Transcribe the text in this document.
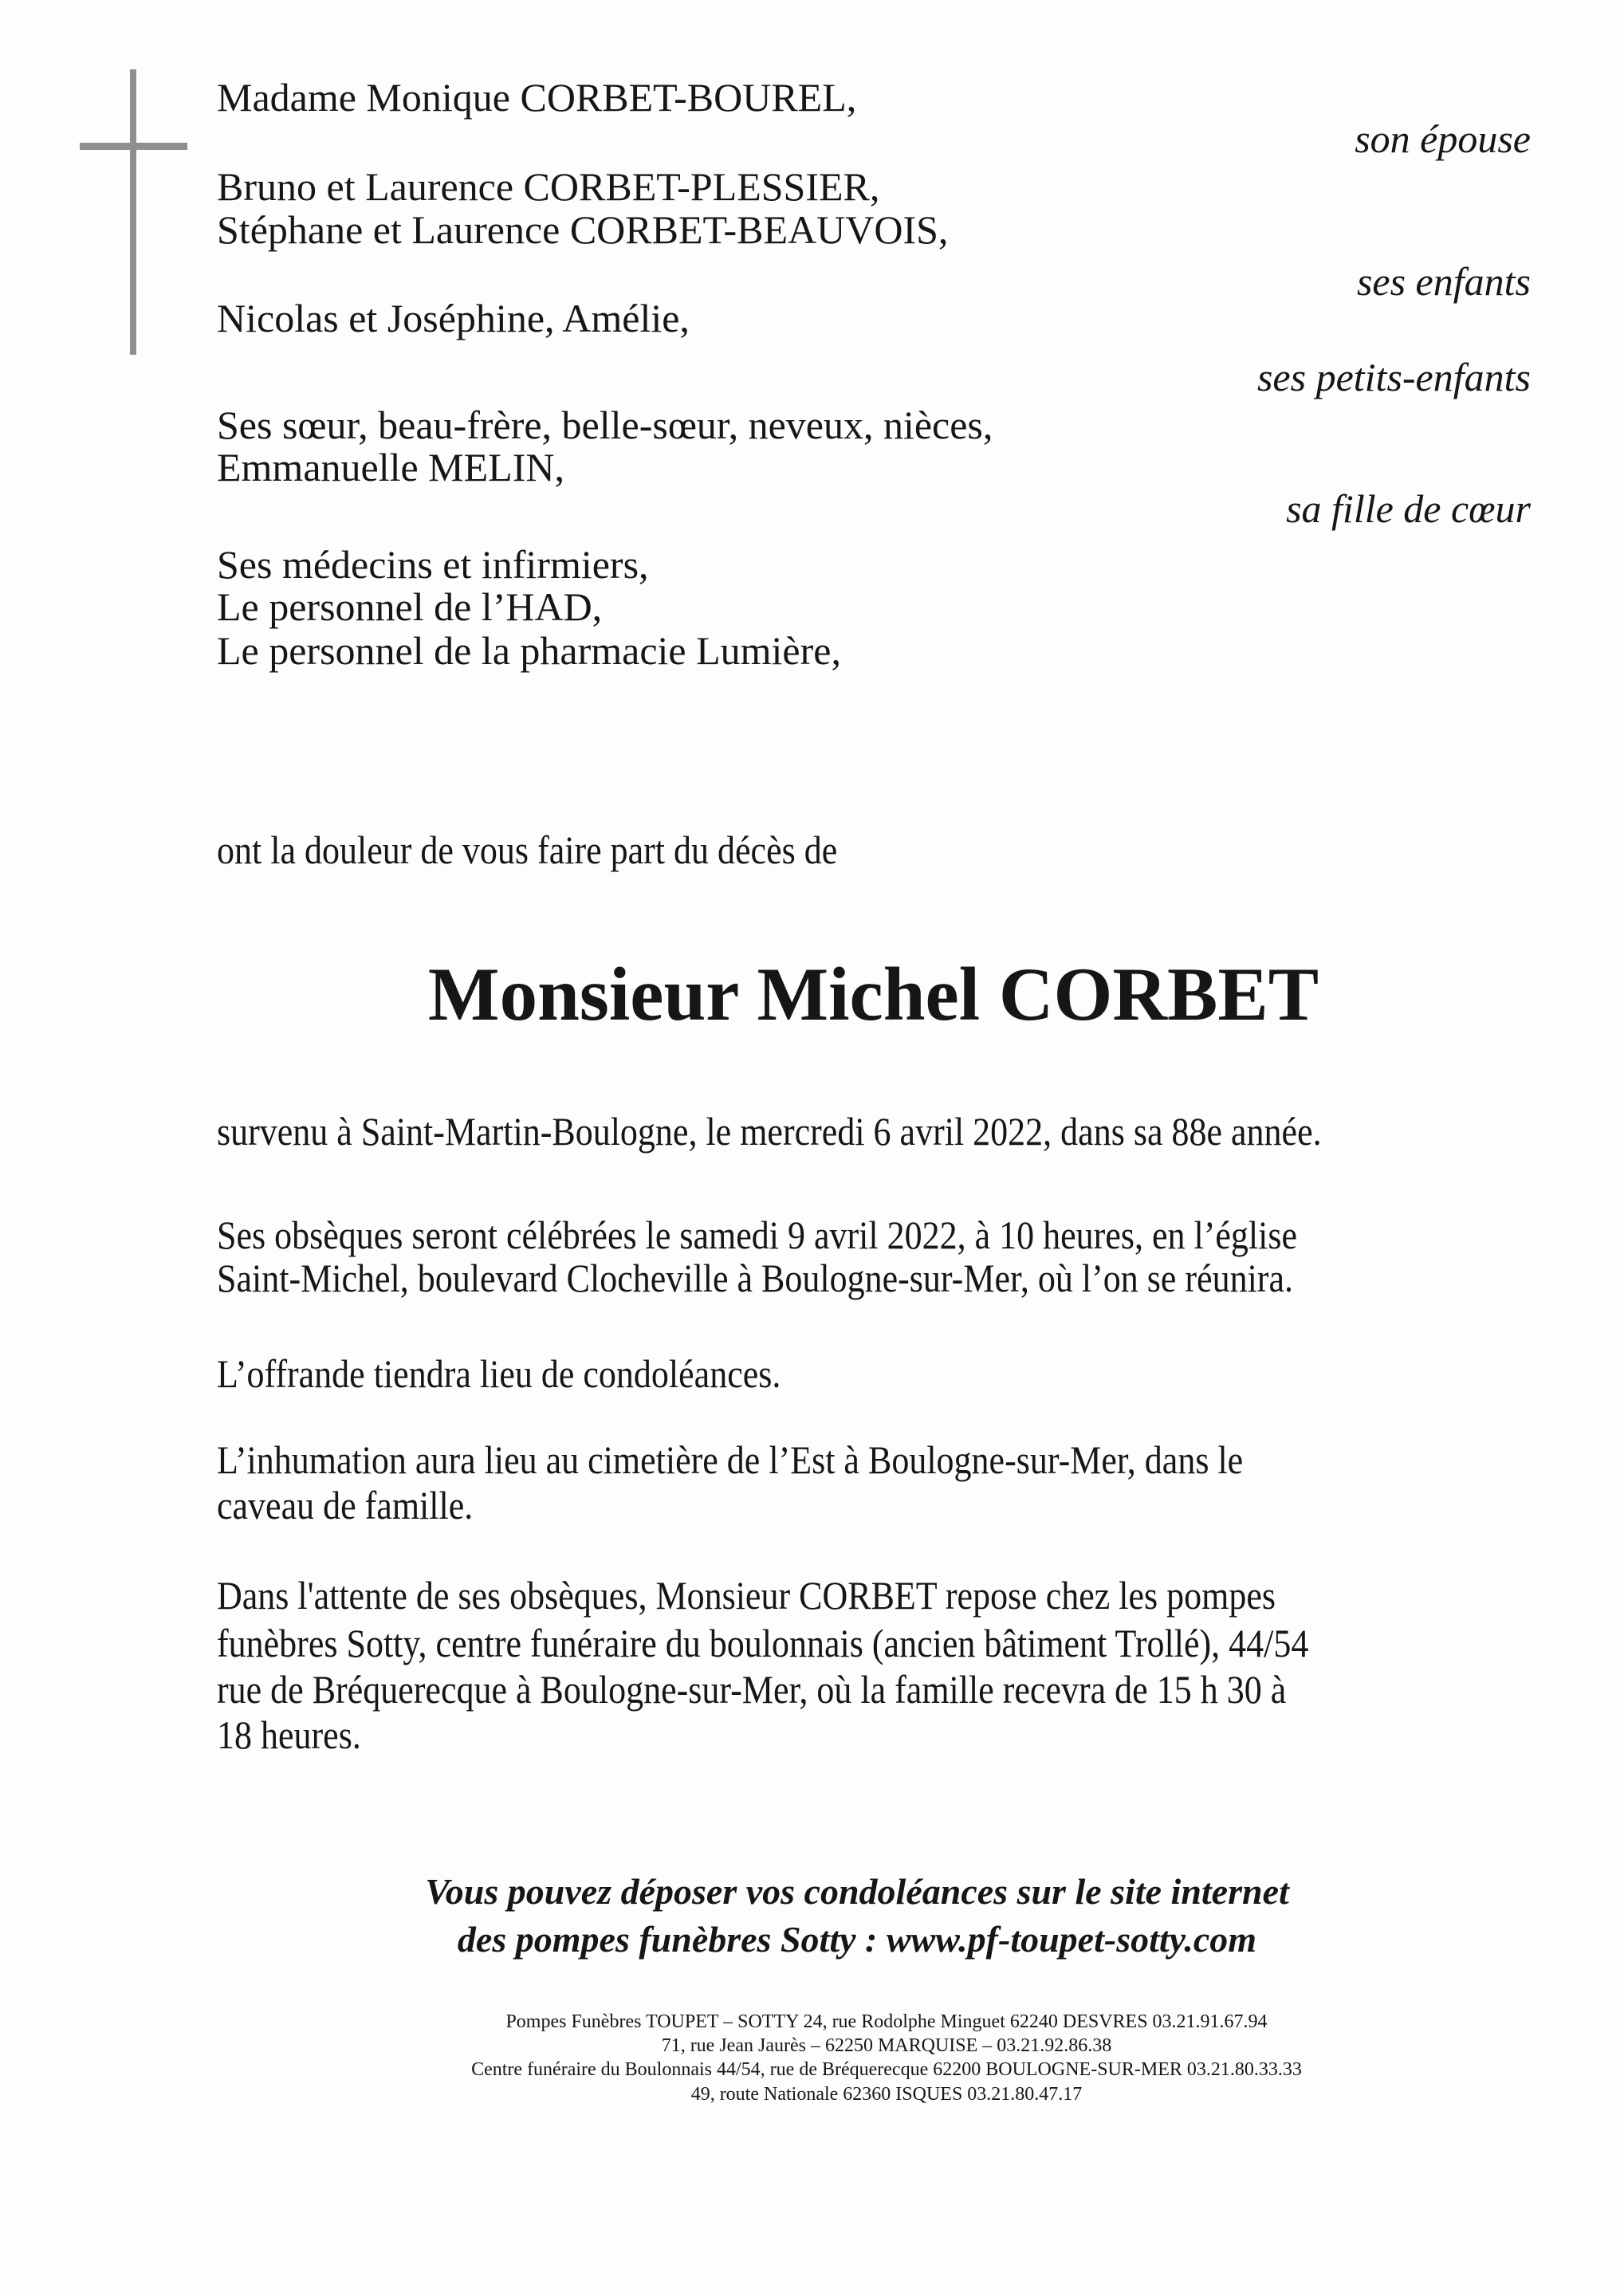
Madame Monique CORBET-BOUREL,
son épouse
Bruno et Laurence CORBET-PLESSIER,
Stéphane et Laurence CORBET-BEAUVOIS,
ses enfants
Nicolas et Joséphine, Amélie,
ses petits-enfants
Ses sœur, beau-frère, belle-sœur, neveux, nièces,
Emmanuelle MELIN,
sa fille de cœur
Ses médecins et infirmiers,
Le personnel de l’HAD,
Le personnel de la pharmacie Lumière,
ont la douleur de vous faire part du décès de
Monsieur Michel CORBET
survenu à Saint-Martin-Boulogne, le mercredi 6 avril 2022, dans sa 88e année.
Ses obsèques seront célébrées le samedi 9 avril 2022, à 10 heures, en l’église
Saint-Michel, boulevard Clocheville à Boulogne-sur-Mer, où l’on se réunira.
L’offrande tiendra lieu de condoléances.
L’inhumation aura lieu au cimetière de l’Est à Boulogne-sur-Mer, dans le
caveau de famille.
Dans l'attente de ses obsèques, Monsieur CORBET repose chez les pompes
funèbres Sotty, centre funéraire du boulonnais (ancien bâtiment Trollé), 44/54
rue de Bréquerecque à Boulogne-sur-Mer, où la famille recevra de 15 h 30 à
18 heures.
Vous pouvez déposer vos condoléances sur le site internet
des pompes funèbres Sotty : www.pf-toupet-sotty.com
Pompes Funèbres TOUPET – SOTTY 24, rue Rodolphe Minguet 62240 DESVRES 03.21.91.67.94
71, rue Jean Jaurès – 62250 MARQUISE – 03.21.92.86.38
Centre funéraire du Boulonnais 44/54, rue de Bréquerecque 62200 BOULOGNE-SUR-MER 03.21.80.33.33
49, route Nationale 62360 ISQUES 03.21.80.47.17
